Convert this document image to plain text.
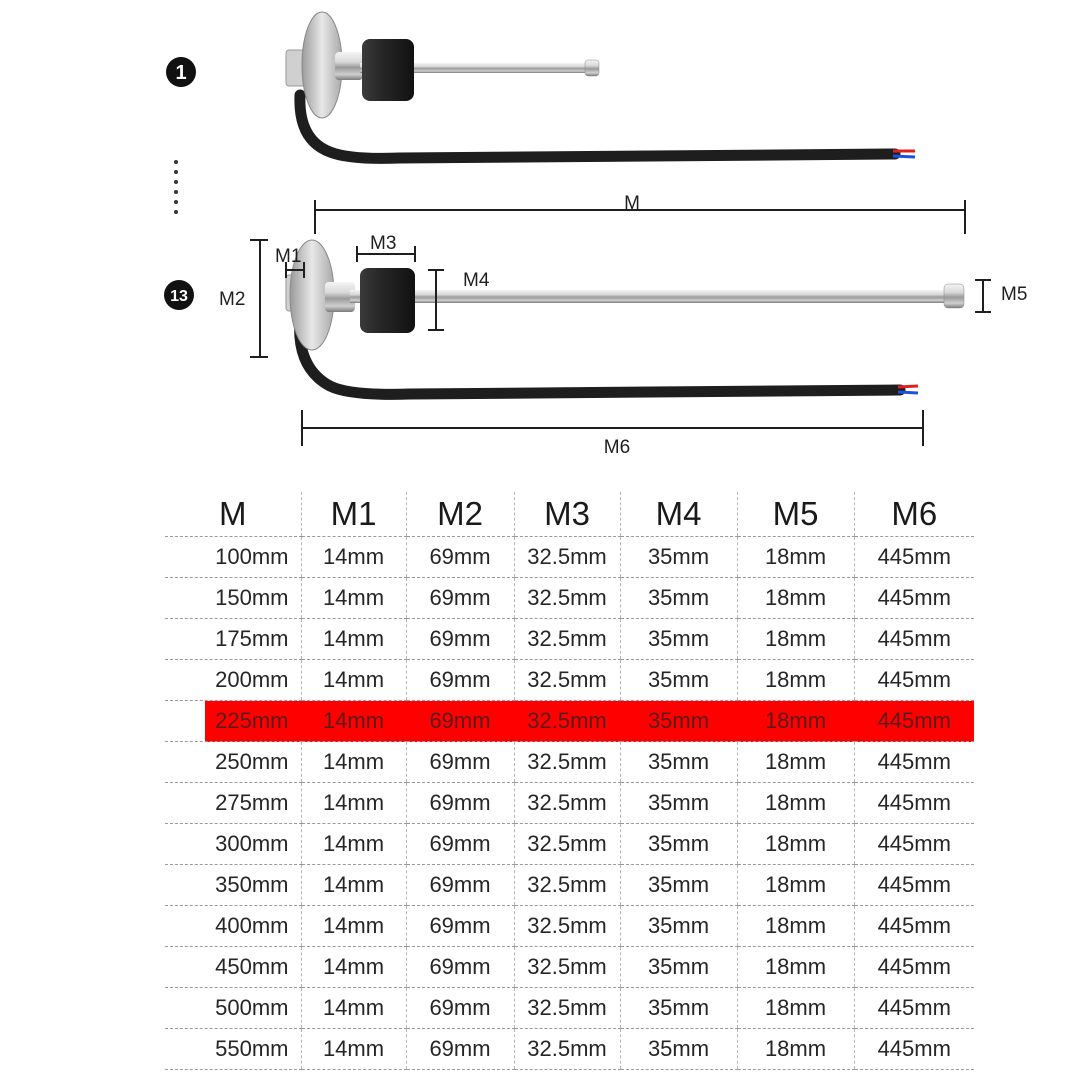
1
13
M
M1
M2
M3
M4
M5
M6
M	M1	M2	M3	M4	M5	M6
100mm	14mm	69mm	32.5mm	35mm	18mm	445mm
150mm	14mm	69mm	32.5mm	35mm	18mm	445mm
175mm	14mm	69mm	32.5mm	35mm	18mm	445mm
200mm	14mm	69mm	32.5mm	35mm	18mm	445mm
225mm	14mm	69mm	32.5mm	35mm	18mm	445mm
250mm	14mm	69mm	32.5mm	35mm	18mm	445mm
275mm	14mm	69mm	32.5mm	35mm	18mm	445mm
300mm	14mm	69mm	32.5mm	35mm	18mm	445mm
350mm	14mm	69mm	32.5mm	35mm	18mm	445mm
400mm	14mm	69mm	32.5mm	35mm	18mm	445mm
450mm	14mm	69mm	32.5mm	35mm	18mm	445mm
500mm	14mm	69mm	32.5mm	35mm	18mm	445mm
550mm	14mm	69mm	32.5mm	35mm	18mm	445mm
